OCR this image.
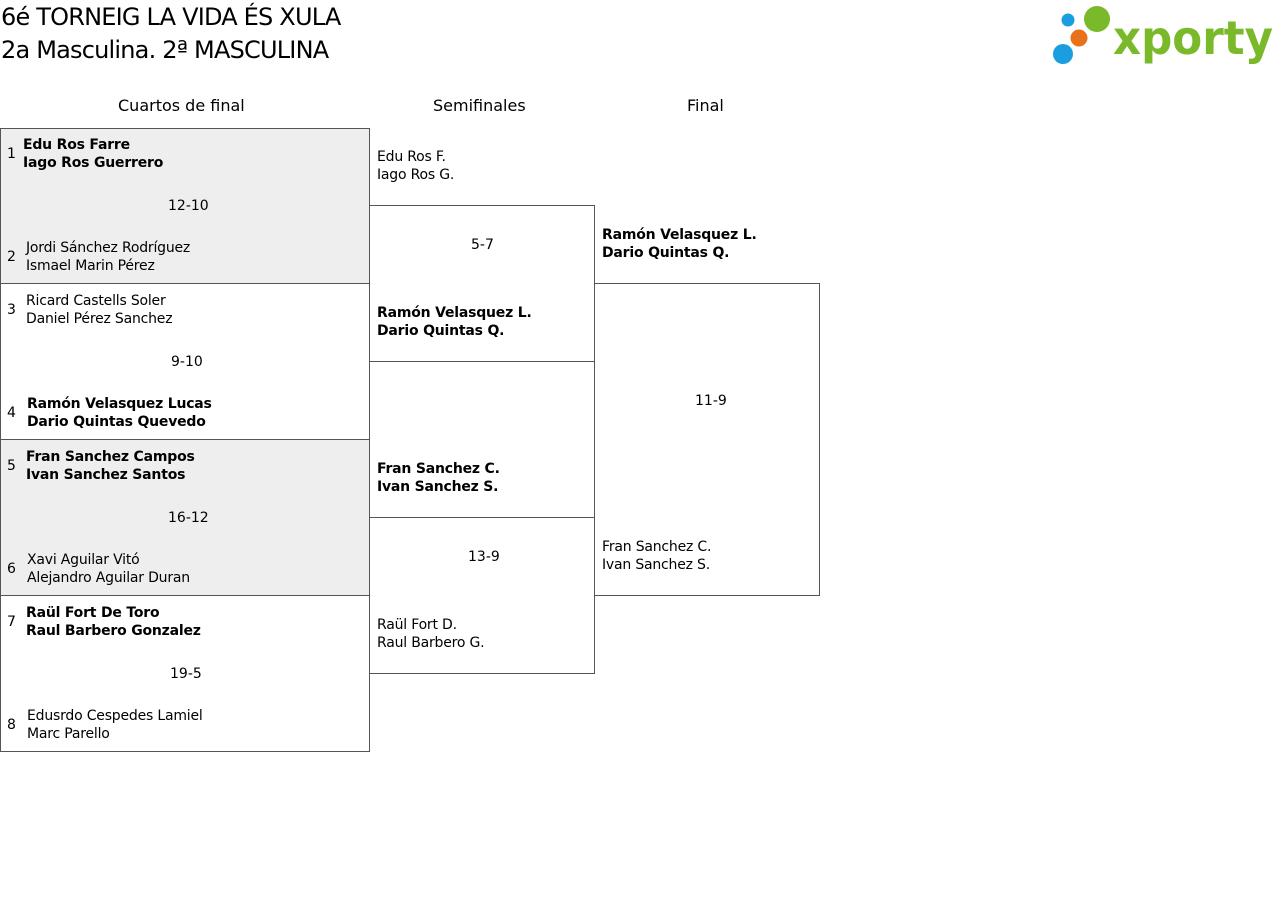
6é TORNEIG LA VIDA ÉS XULA
2a Masculina. 2ª MASCULINA	xporty
Cuartos de final	Semifinales	Final
1
Edu Ros Farre
Iago Ros Guerrero
12-10
2
Jordi Sánchez Rodríguez
Ismael Marin Pérez
3
Ricard Castells Soler
Daniel Pérez Sanchez
9-10
4
Ramón Velasquez Lucas
Dario Quintas Quevedo
5
Fran Sanchez Campos
Ivan Sanchez Santos
16-12
6
Xavi Aguilar Vitó
Alejandro Aguilar Duran
7
Raül Fort De Toro
Raul Barbero Gonzalez
19-5
8
Edusrdo Cespedes Lamiel
Marc Parello
Edu Ros F.
Iago Ros G.
5-7
Ramón Velasquez L.
Dario Quintas Q.
Fran Sanchez C.
Ivan Sanchez S.
13-9
Raül Fort D.
Raul Barbero G.
Ramón Velasquez L.
Dario Quintas Q.
11-9
Fran Sanchez C.
Ivan Sanchez S.
